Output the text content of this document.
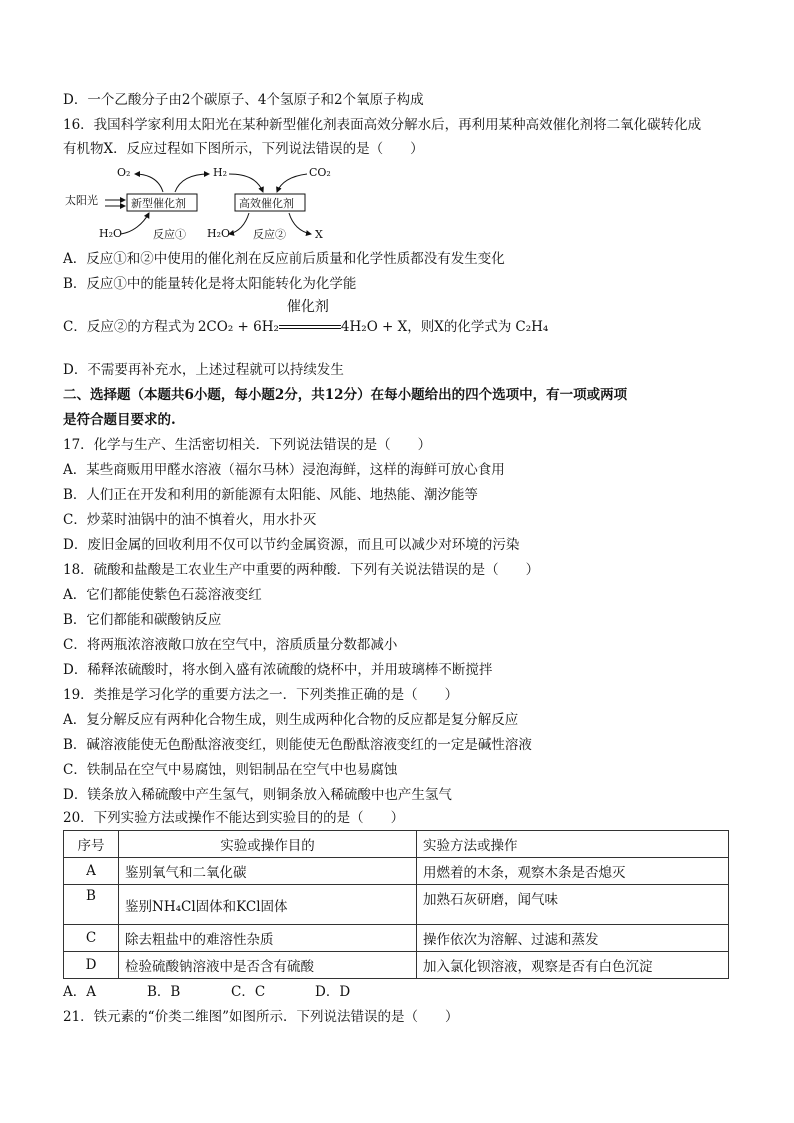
D．一个乙酸分子由2个碳原子、4个氢原子和2个氧原子构成
16．我国科学家利用太阳光在某种新型催化剂表面高效分解水后，再利用某种高效催化剂将二氧化碳转化成
有机物X．反应过程如下图所示，下列说法错误的是（　　）
O₂	H₂	CO₂
太阳光	新型催化剂	高效催化剂
H₂O	反应① H₂O 反应②	X
A．反应①和②中使用的催化剂在反应前后质量和化学性质都没有发生变化
B．反应①中的能量转化是将太阳能转化为化学能
C．反应②的方程式为 2CO₂ + 6H₂
催化剂
4H₂O + X，则X的化学式为 C₂H₄
D．不需要再补充水，上述过程就可以持续发生
二、选择题（本题共6小题，每小题2分，共12分）在每小题给出的四个选项中，有一项或两项
是符合题目要求的.
17．化学与生产、生活密切相关．下列说法错误的是（　　）
A．某些商贩用甲醛水溶液（福尔马林）浸泡海鲜，这样的海鲜可放心食用
B．人们正在开发和利用的新能源有太阳能、风能、地热能、潮汐能等
C．炒菜时油锅中的油不慎着火，用水扑灭
D．废旧金属的回收利用不仅可以节约金属资源，而且可以减少对环境的污染
18．硫酸和盐酸是工农业生产中重要的两种酸．下列有关说法错误的是（　　）
A．它们都能使紫色石蕊溶液变红
B．它们都能和碳酸钠反应
C．将两瓶浓溶液敞口放在空气中，溶质质量分数都减小
D．稀释浓硫酸时，将水倒入盛有浓硫酸的烧杯中，并用玻璃棒不断搅拌
19．类推是学习化学的重要方法之一．下列类推正确的是（　　）
A．复分解反应有两种化合物生成，则生成两种化合物的反应都是复分解反应
B．碱溶液能使无色酚酞溶液变红，则能使无色酚酞溶液变红的一定是碱性溶液
C．铁制品在空气中易腐蚀，则铝制品在空气中也易腐蚀
D．镁条放入稀硫酸中产生氢气，则铜条放入稀硫酸中也产生氢气
20．下列实验方法或操作不能达到实验目的的是（　　）
序号	实验或操作目的	实验方法或操作
A	鉴别氧气和二氧化碳	用燃着的木条，观察木条是否熄灭
B	鉴别NH₄Cl固体和KCl固体	加熟石灰研磨，闻气味
C	除去粗盐中的难溶性杂质	操作依次为溶解、过滤和蒸发
D	检验硫酸钠溶液中是否含有硫酸	加入氯化钡溶液，观察是否有白色沉淀
A．A	B．B	C．C	D．D
21．铁元素的“价类二维图”如图所示．下列说法错误的是（　　）
